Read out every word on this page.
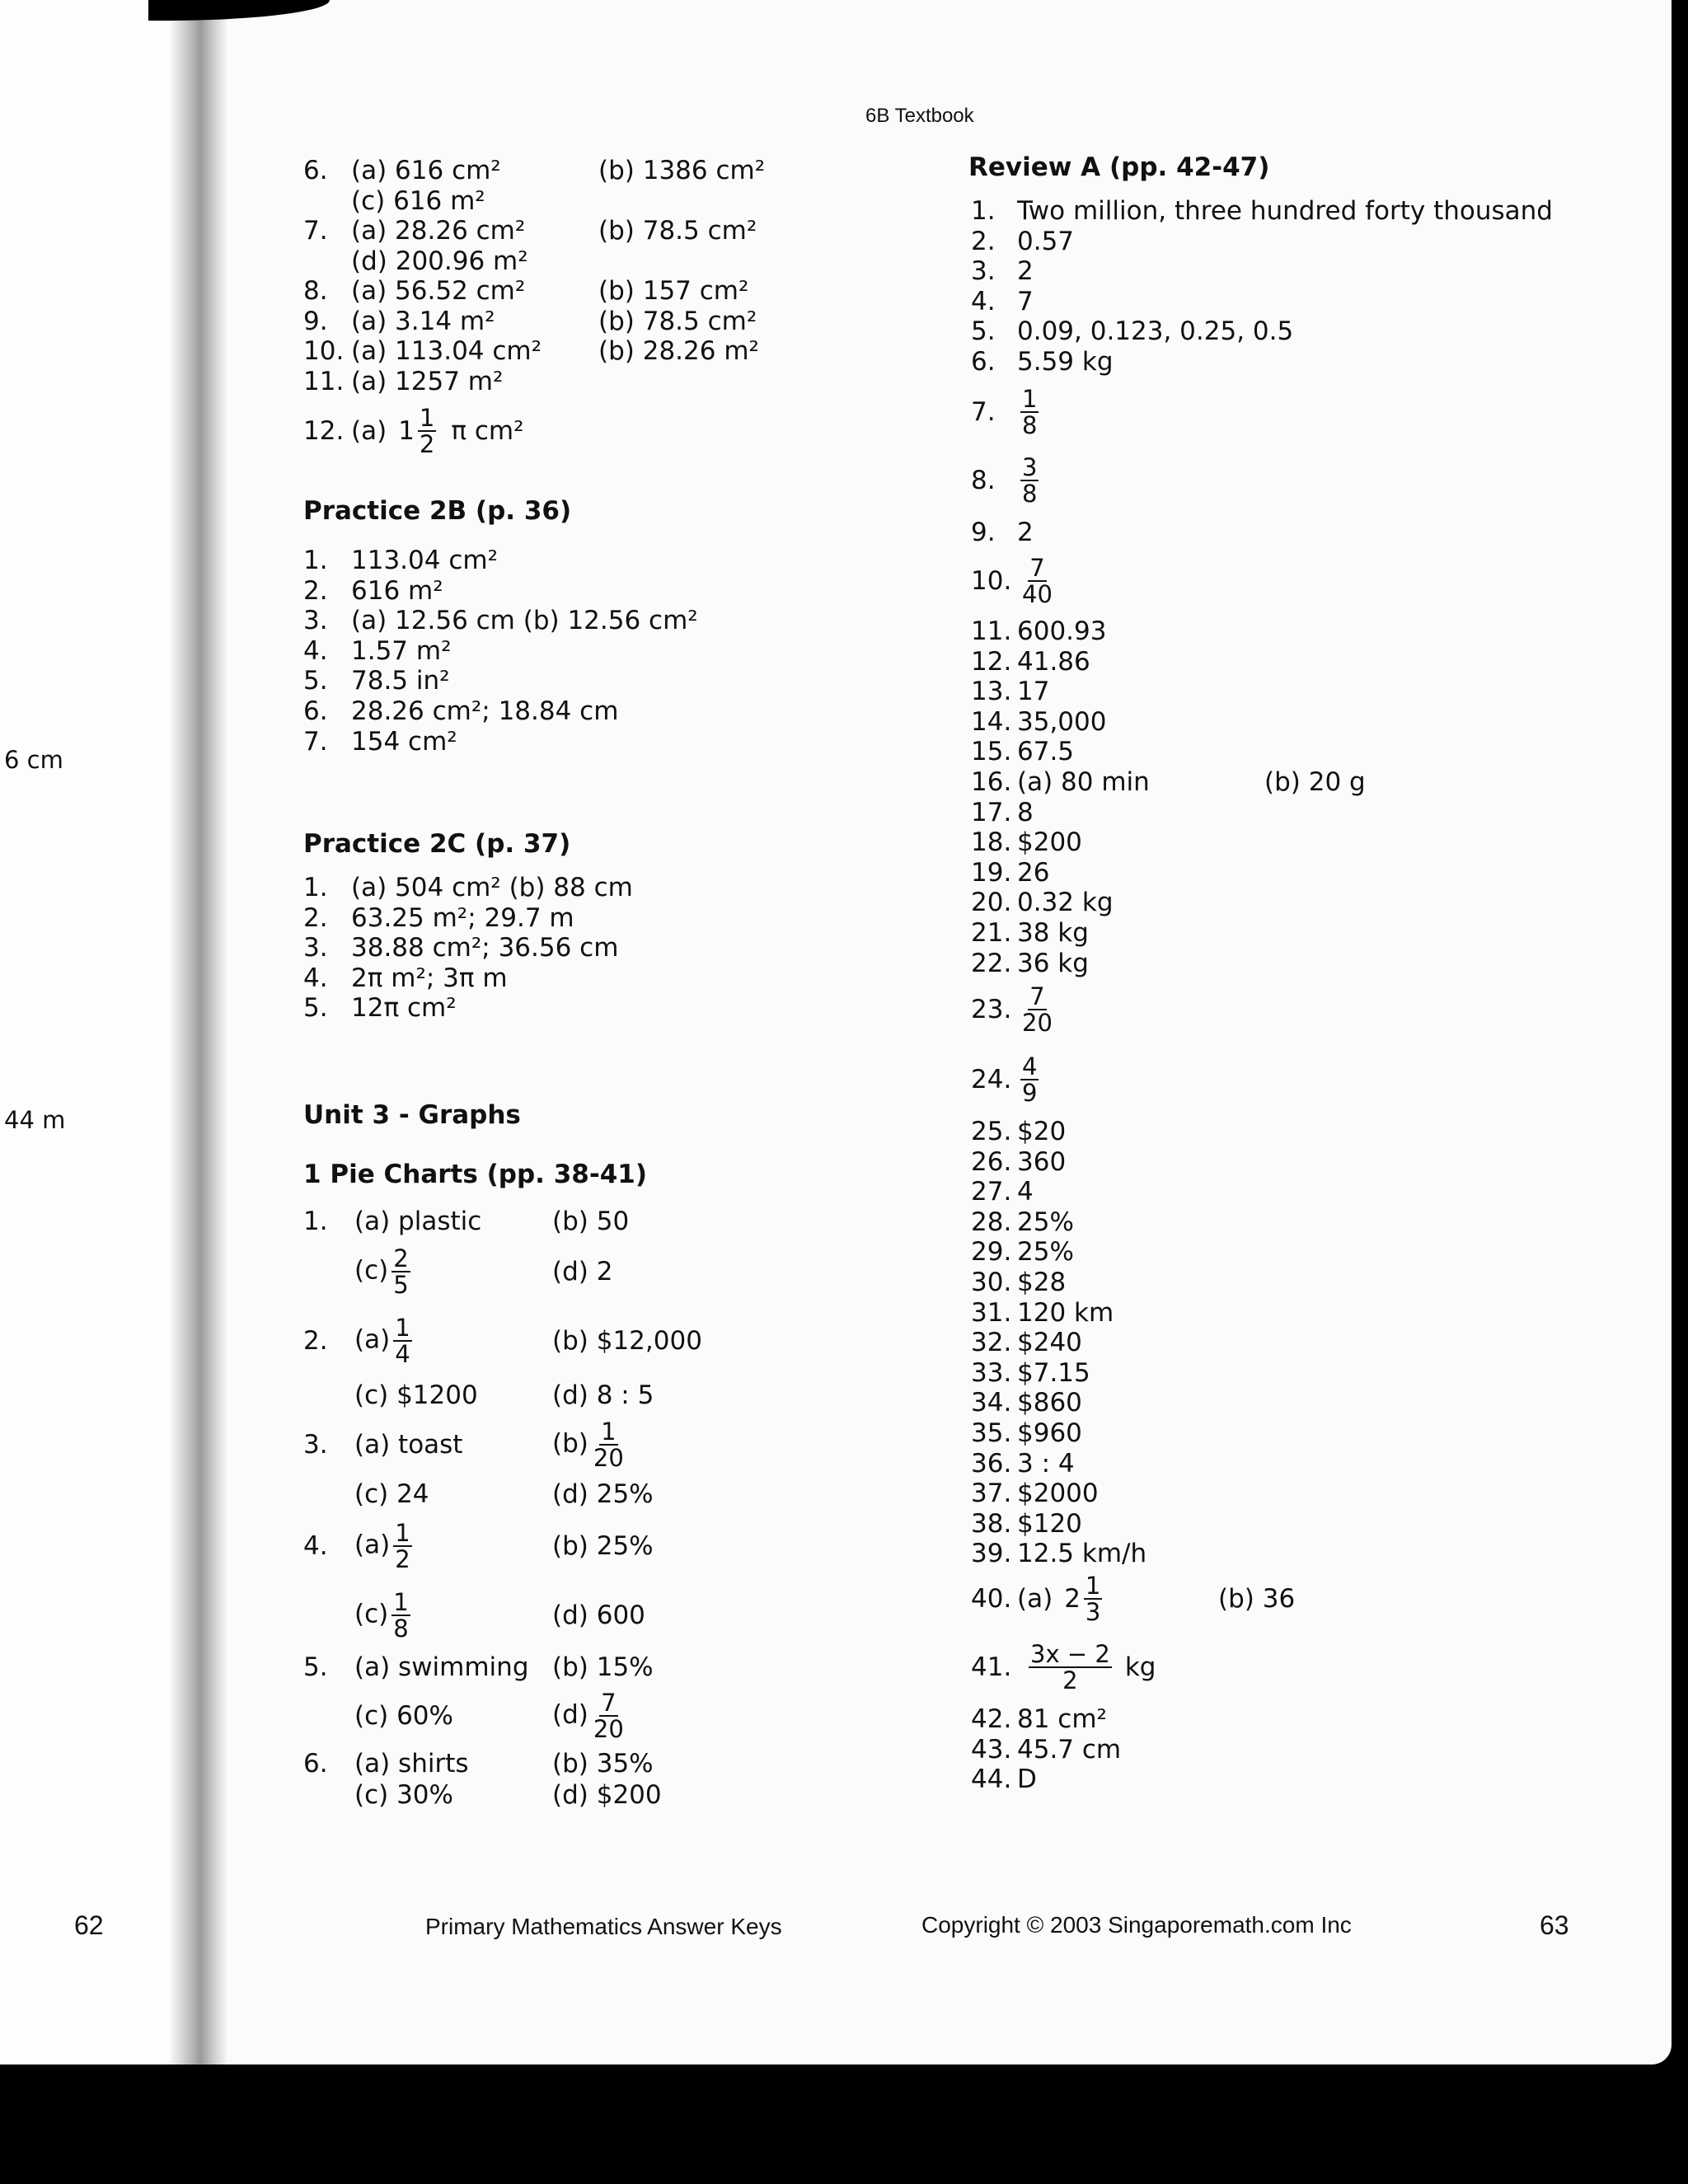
6B Textbook
6 cm
44 m
6. (a) 616 cm²	(b) 1386 cm²
(c) 616 m²
7. (a) 28.26 cm²	(b) 78.5 cm²
(d) 200.96 m²
8. (a) 56.52 cm²	(b) 157 cm²
9. (a) 3.14 m²	(b) 78.5 cm²
10. (a) 113.04 cm²	(b) 28.26 m²
11. (a) 1257 m²
12. (a) $1 \frac{1}{2}$ π cm²
Practice 2B (p. 36)
1. 113.04 cm²
2. 616 m²
3. (a) 12.56 cm (b) 12.56 cm²
4. 1.57 m²
5. 78.5 in²
6. 28.26 cm²; 18.84 cm
7. 154 cm²
Practice 2C (p. 37)
1. (a) 504 cm² (b) 88 cm
2. 63.25 m²; 29.7 m
3. 38.88 cm²; 36.56 cm
4. 2π m²; 3π m
5. 12π cm²
Unit 3 - Graphs
1 Pie Charts (pp. 38-41)
1.	(a) plastic	(b) 50
$(c) \frac{2}{5}$	(d) 2
2.	$(a) \frac{1}{4}$	(b) $12,000
(c) $1200	(d) 8 : 5
3.	(a) toast	$(b) \frac{1}{20}$
(c) 24	(d) 25%
4.	$(a) \frac{1}{2}$	(b) 25%
$(c) \frac{1}{8}$	(d) 600
5.	(a) swimming (b) 15%
(c) 60%	$(d) \frac{7}{20}$
6.	(a) shirts	(b) 35%
(c) 30%	(d) $200
Review A (pp. 42-47)
1. Two million, three hundred forty thousand
2. 0.57
3. 2
4. 7
5. 0.09, 0.123, 0.25, 0.5
6. 5.59 kg
7.	$\frac{1}{8}$
8.	$\frac{3}{8}$
9. 2
10. $\frac{7}{40}$
11. 600.93
12. 41.86
13. 17
14. 35,000
15. 67.5
16. (a) 80 min	(b) 20 g
17. 8
18. $200
19. 26
20. 0.32 kg
21. 38 kg
22. 36 kg
23. $\frac{7}{20}$
24. $\frac{4}{9}$
25. $20
26. 360
27. 4
28. 25%
29. 25%
30. $28
31. 120 km
32. $240
33. $7.15
34. $860
35. $960
36. 3 : 4
37. $2000
38. $120
39. 12.5 km/h
40. (a) $2 \frac{1}{3}$	(b) 36
41. $\frac{3x - 2}{2}$ kg
42. 81 cm²
43. 45.7 cm
44. D
62	Primary Mathematics Answer Keys	Copyright © 2003 Singaporemath.com Inc	63
